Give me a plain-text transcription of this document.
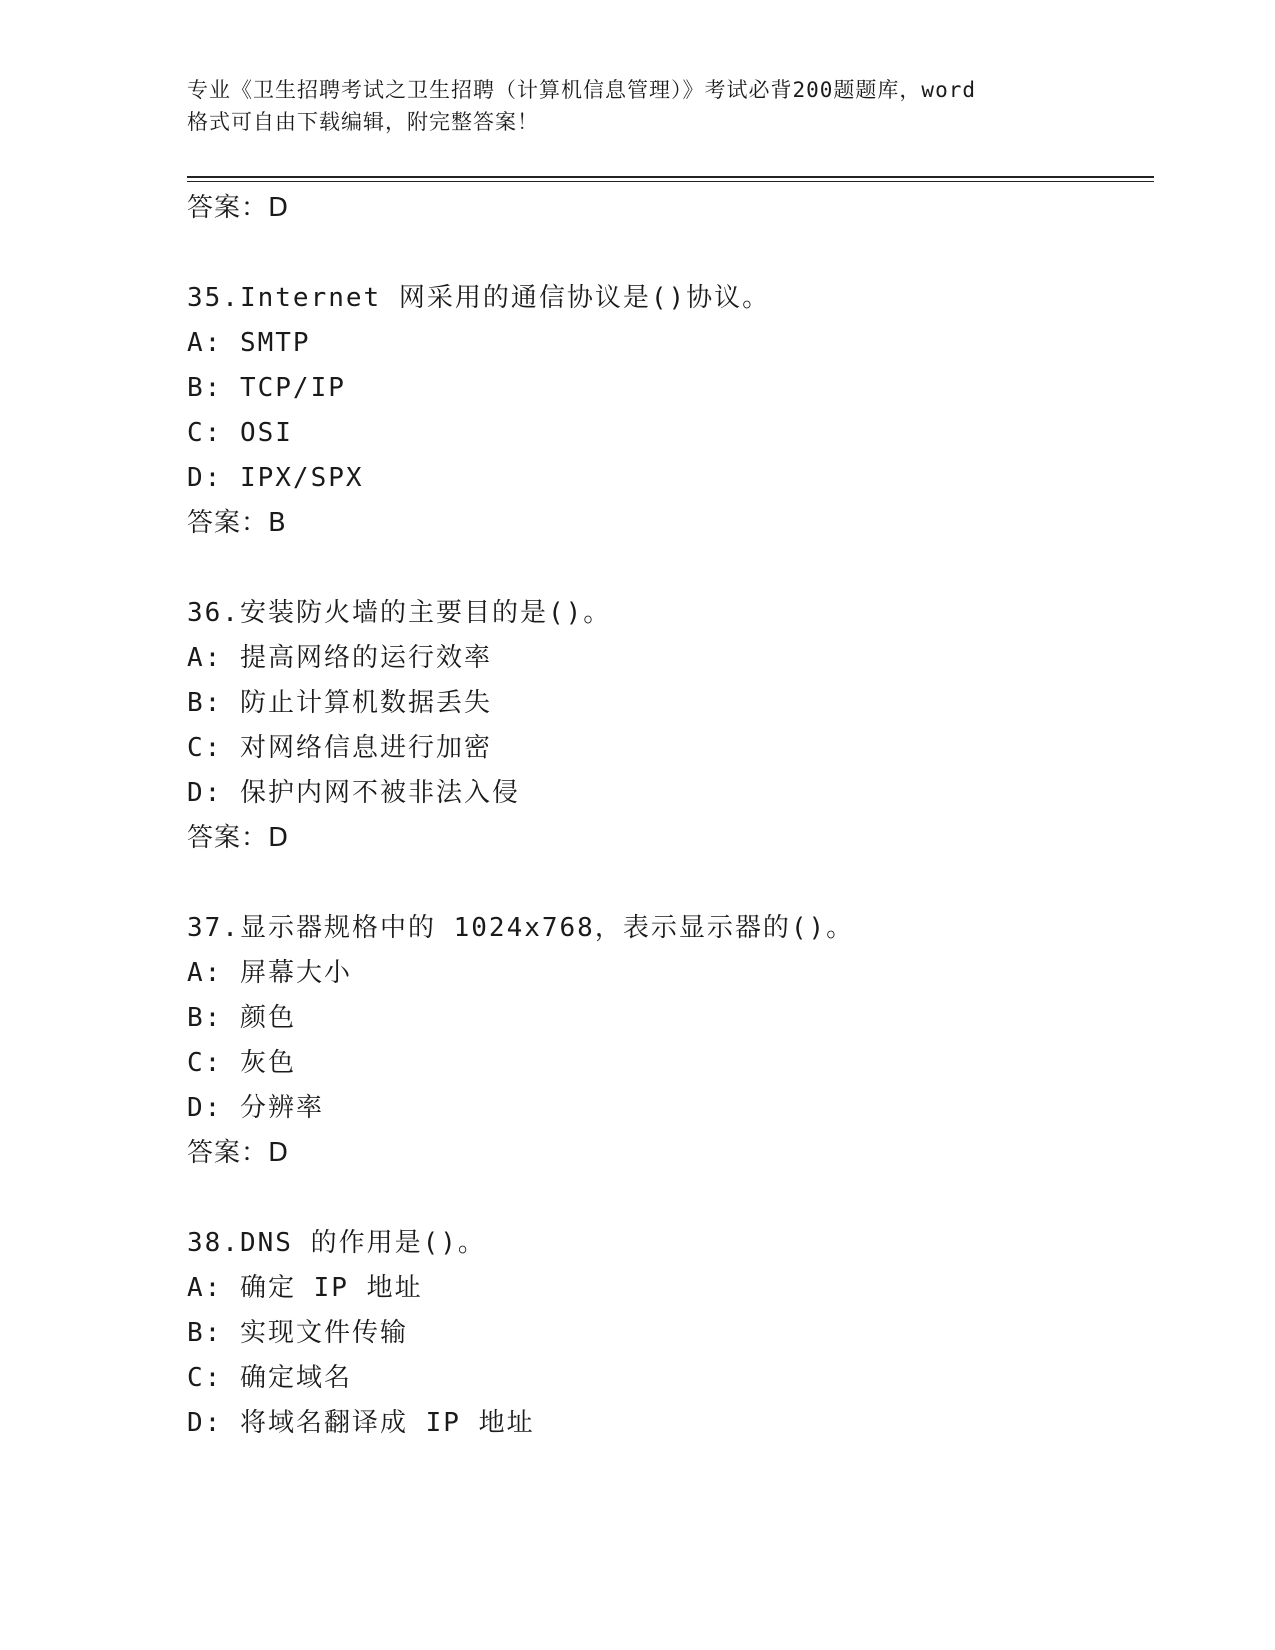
专业《卫生招聘考试之卫生招聘（计算机信息管理）》考试必背200题题库，word
格式可自由下载编辑，附完整答案！
答案：D
35.Internet 网采用的通信协议是()协议。
A: SMTP
B: TCP/IP
C: OSI
D: IPX/SPX
答案：B
36.安装防火墙的主要目的是()。
A: 提高网络的运行效率
B: 防止计算机数据丢失
C: 对网络信息进行加密
D: 保护内网不被非法入侵
答案：D
37.显示器规格中的 1024x768，表示显示器的()。
A: 屏幕大小
B: 颜色
C: 灰色
D: 分辨率
答案：D
38.DNS 的作用是()。
A: 确定 IP 地址
B: 实现文件传输
C: 确定域名
D: 将域名翻译成 IP 地址
